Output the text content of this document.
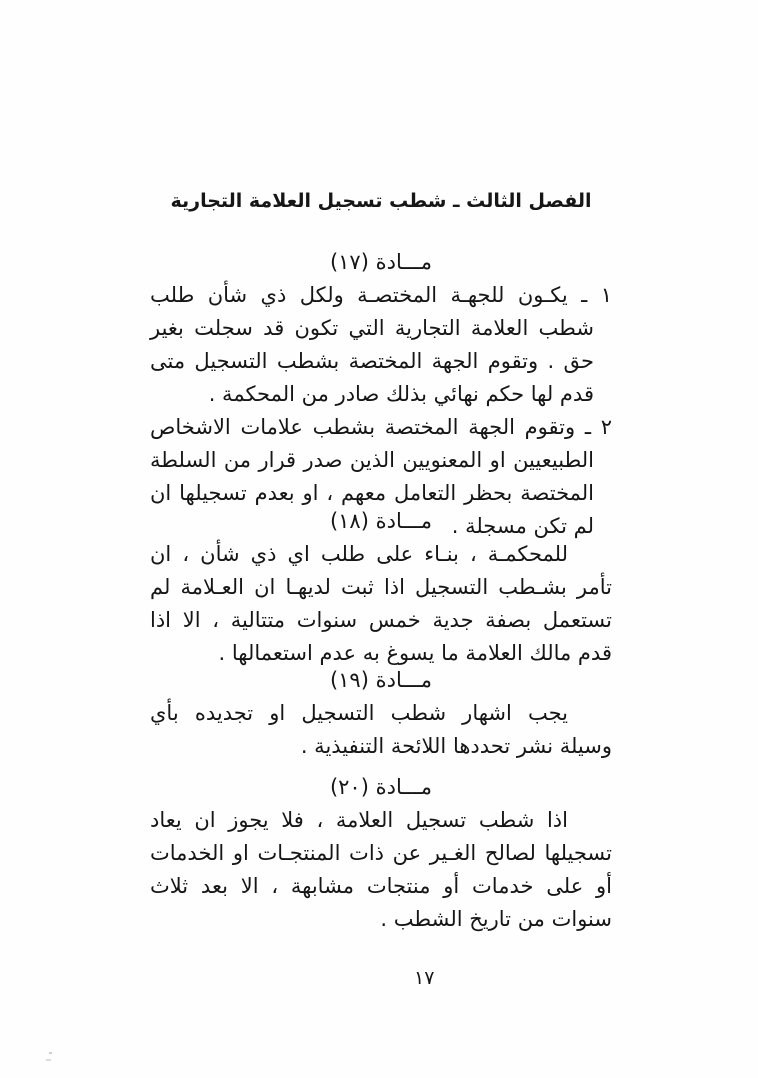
الفصل الثالث ـ شطب تسجيل العلامة التجارية
مـــادة (١٧)

١ ـ يكـون للجهـة المختصـة ولكل ذي شأن طلب شطب العلامة التجارية التي تكون قد سجلت بغير حق . وتقوم الجهة المختصة بشطب التسجيل متى قدم لها حكم نهائي بذلك صادر من المحكمة .

٢ ـ وتقوم الجهة المختصة بشطب علامات الاشخاص الطبيعيين او المعنويين الذين صدر قرار من السلطة المختصة بحظر التعامل معهم ، او بعدم تسجيلها ان لم تكن مسجلة .

مـــادة (١٨)

للمحكمـة ، بنـاء على طلب اي ذي شأن ، ان تأمر بشـطب التسجيل اذا ثبت لديهـا ان العـلامة لم تستعمل بصفة جدية خمس سنوات متتالية ، الا اذا قدم مالك العلامة ما يسوغ به عدم استعمالها .

مـــادة (١٩)

يجب اشهار شطب التسجيل او تجديده بأي وسيلة نشر تحددها اللائحة التنفيذية .

مـــادة (٢٠)

اذا شطب تسجيل العلامة ، فلا يجوز ان يعاد تسجيلها لصالح الغـير عن ذات المنتجـات او الخدمات أو على خدمات أو منتجات مشابهة ، الا بعد ثلاث سنوات من تاريخ الشطب .

١٧
